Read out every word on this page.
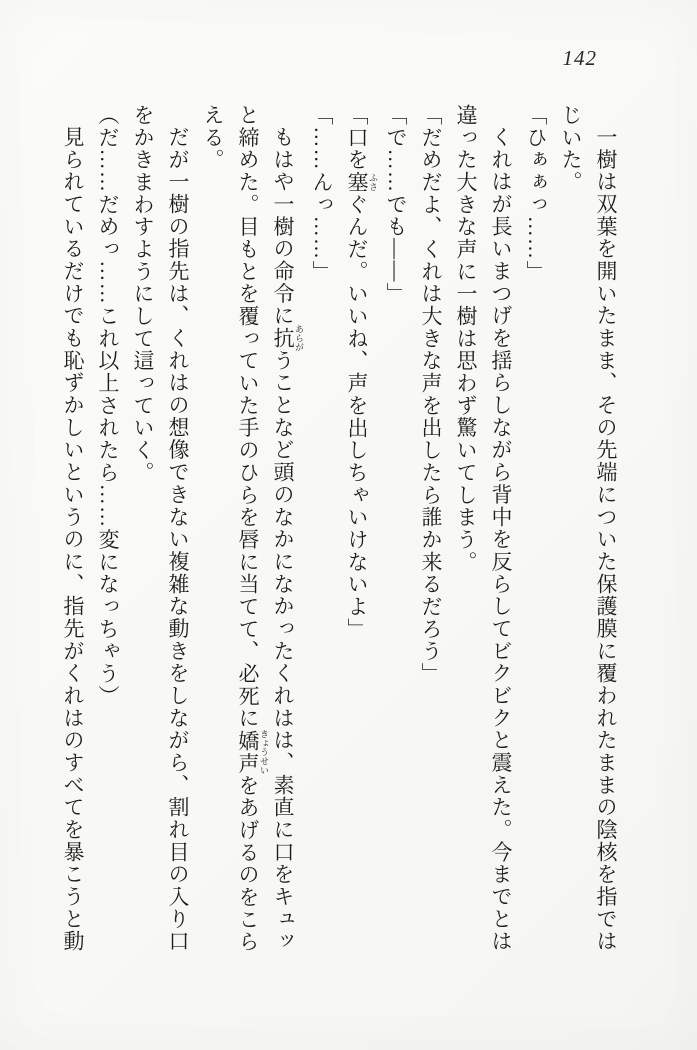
142

一樹は双葉を開いたまま、その先端についた保護膜に覆われたままの陰核を指ではじいた。

「ひぁぁっ……」

くれはが長いまつげを揺らしながら背中を反らしてビクビクと震えた。今までとは違った大きな声に一樹は思わず驚いてしまう。

「だめだよ、くれは大きな声を出したら誰か来るだろう」

「で……でも――」

「口を塞 ふさぐんだ。いいね、声を出しちゃいけないよ」

「……んっ……」

もはや一樹の命令に抗 あらがうことなど頭のなかになかったくれはは、素直に口をキュッと締めた。目もとを覆っていた手のひらを唇に当てて、必死に嬌声 きょうせいをあげるのをこらえる。

だが一樹の指先は、くれはの想像できない複雑な動きをしながら、割れ目の入り口をかきまわすようにして這っていく。

（だ……だめっ……これ以上されたら……変になっちゃう）

見られているだけでも恥ずかしいというのに、指先がくれはのすべてを暴こうと動
